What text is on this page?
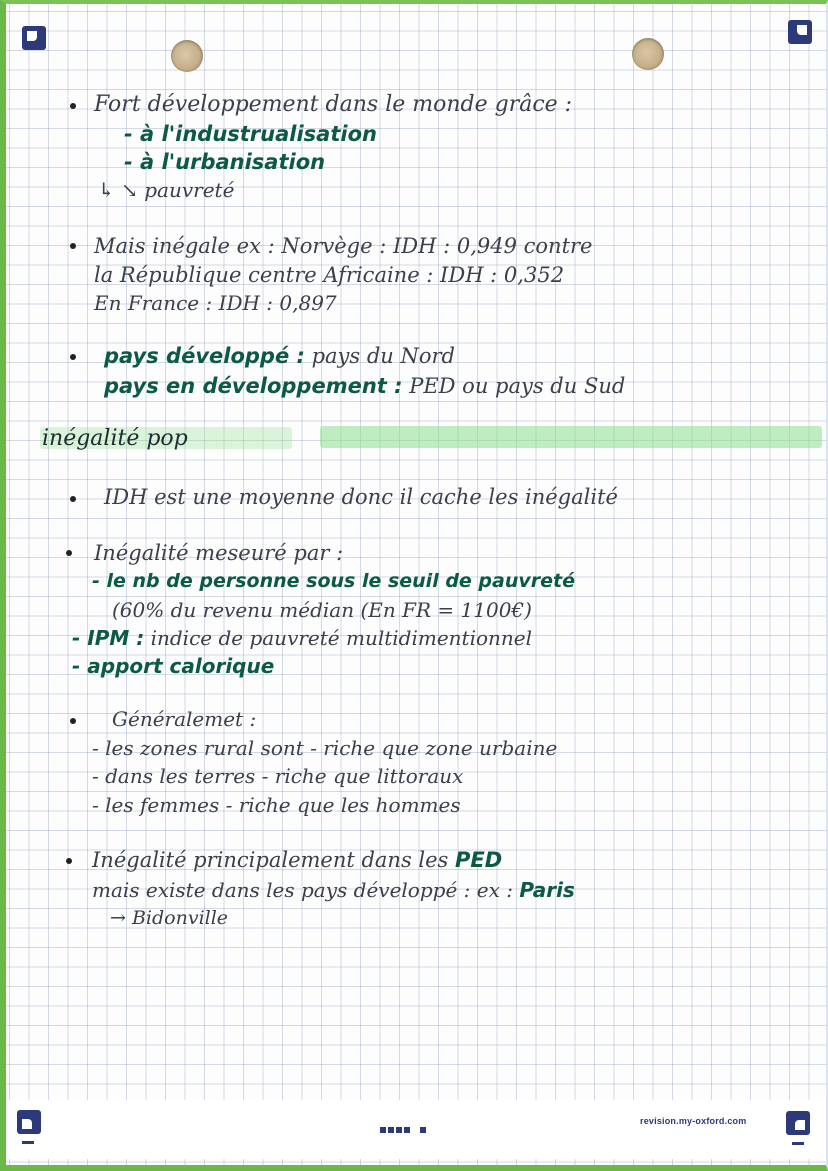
Fort développement dans le monde grâce :

- à l'industrualisation

- à l'urbanisation

↳ ↘ pauvreté

Mais inégale ex : Norvège : IDH : 0,949 contre

la République centre Africaine : IDH : 0,352

En France : IDH : 0,897

pays développé : pays du Nord

pays en développement : PED ou pays du Sud

inégalité pop

IDH est une moyenne donc il cache les inégalité

Inégalité meseuré par :

- le nb de personne sous le seuil de pauvreté

(60% du revenu médian (En FR = 1100€)

- IPM : indice de pauvreté multidimentionnel

- apport calorique

Généralemet :

- les zones rural sont - riche que zone urbaine

- dans les terres - riche que littoraux

- les femmes - riche que les hommes

Inégalité principalement dans les PED

mais existe dans les pays développé : ex : Paris

→ Bidonville

revision.my-oxford.com
